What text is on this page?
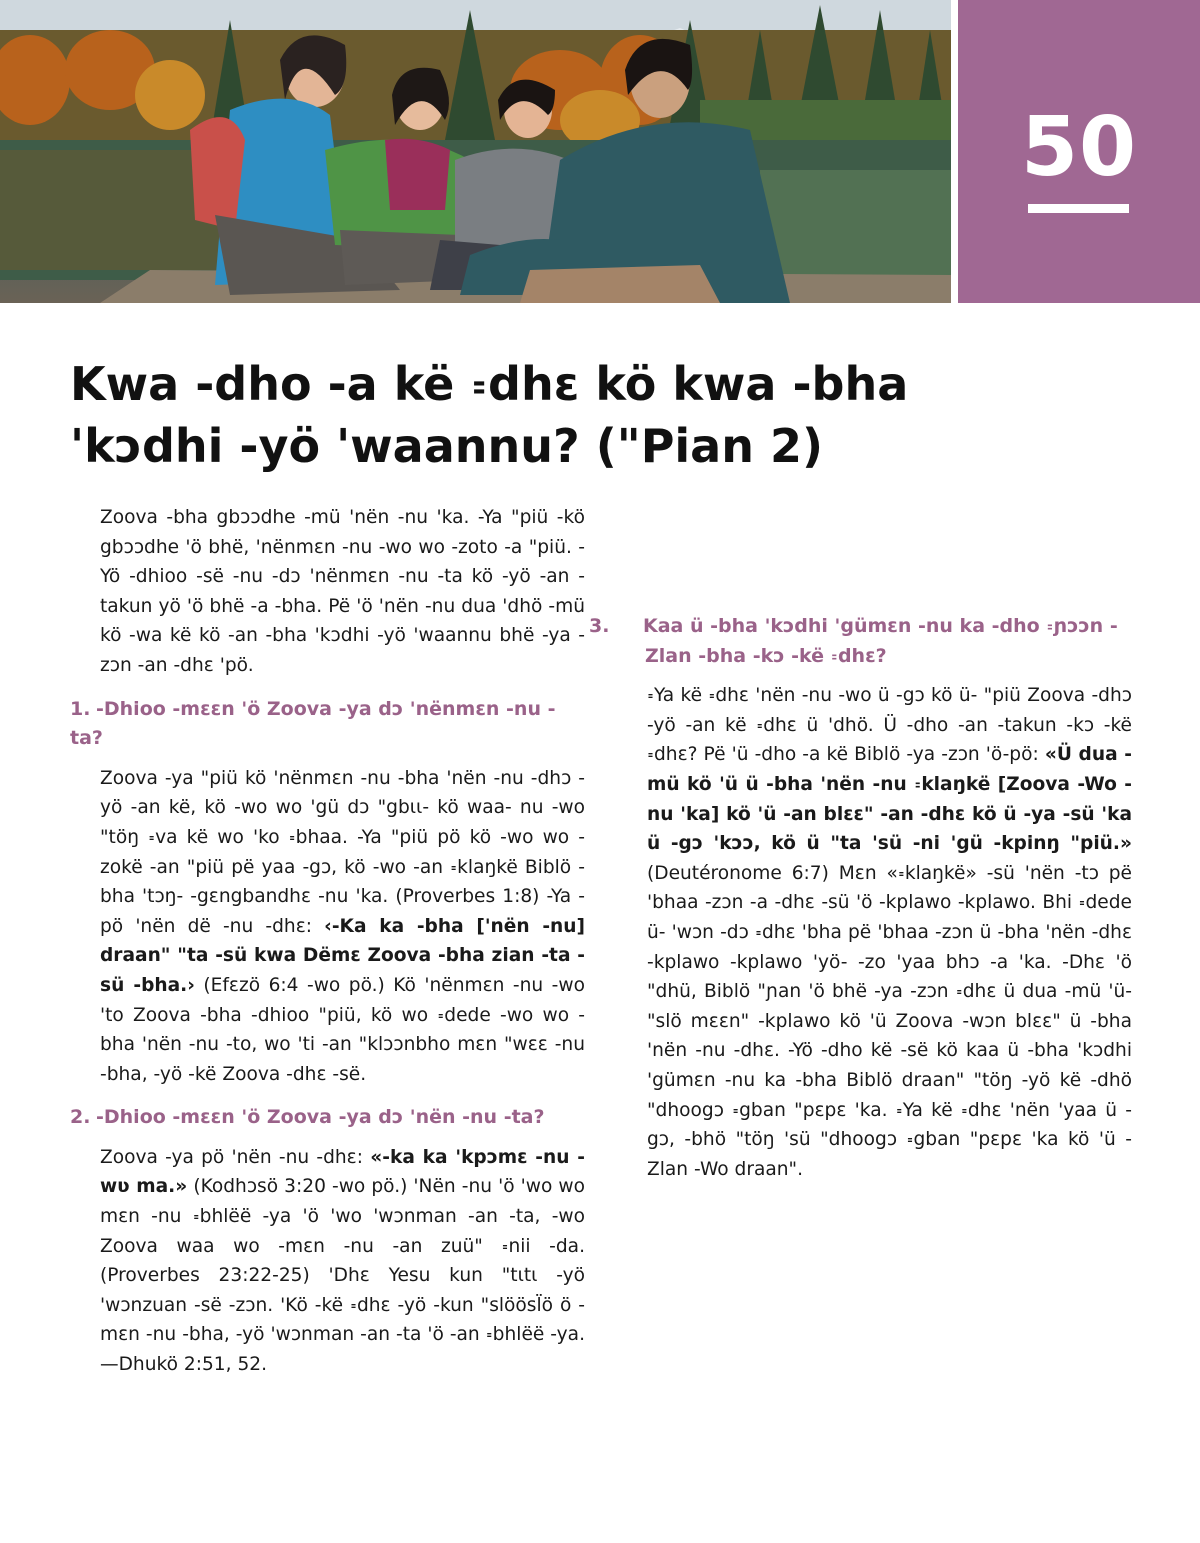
50
Kwa -dho -a kë ꞊dhɛ kö kwa -bha 'kɔdhi -yö 'waannu? ("Pian 2)

Zoova -bha gbɔɔdhe -mü 'nën -nu 'ka. -Ya "piü -kö gbɔɔdhe 'ö bhë, 'nënmɛn -nu -wo wo -zoto -a "piü. -Yö -dhioo -së -nu -dɔ 'nënmɛn -nu -ta kö -yö -an -takun yö 'ö bhë -a -bha. Pë 'ö 'nën -nu dua 'dhö -mü kö -wa kë kö -an -bha 'kɔdhi -yö 'waannu bhë -ya -zɔn -an -dhɛ 'pö.

1. -Dhioo -mɛɛn 'ö Zoova -ya dɔ 'nënmɛn -nu -ta?

Zoova -ya "piü kö 'nënmɛn -nu -bha 'nën -nu -dhɔ -yö -an kë, kö -wo wo 'gü dɔ "gbɩɩ- kö waa- nu -wo "töŋ ꞊va kë wo 'ko ꞊bhaa. -Ya "piü pö kö -wo wo -zokë -an "piü pë yaa -gɔ, kö -wo -an ꞊klaŋkë Biblö -bha 'tɔŋ- -gɛngbandhɛ -nu 'ka. (Proverbes 1:8) -Ya -pö 'nën dë -nu -dhɛ: ‹-Ka ka -bha ['nën -nu] draan" "ta -sü kwa Dëmɛ Zoova -bha zian -ta -sü -bha.› (Efɛzö 6:4 -wo pö.) Kö 'nënmɛn -nu -wo 'to Zoova -bha -dhioo "piü, kö wo ꞊dede -wo wo -bha 'nën -nu -to, wo 'ti -an "klɔɔnbho mɛn "wɛɛ -nu -bha, -yö -kë Zoova -dhɛ -së.

2. -Dhioo -mɛɛn 'ö Zoova -ya dɔ 'nën -nu -ta?

Zoova -ya pö 'nën -nu -dhɛ: «-ka ka 'kpɔmɛ -nu -wʋ ma.» (Kodhɔsö 3:20 -wo pö.) 'Nën -nu 'ö 'wo wo mɛn -nu ꞊bhlëë -ya 'ö 'wo 'wɔnman -an -ta, -wo Zoova waa wo -mɛn -nu -an zuü" ꞊nii -da. (Proverbes 23:22-25) 'Dhɛ Yesu kun "tɩtɩ -yö 'wɔnzuan -së -zɔn. 'Kö -kë ꞊dhɛ -yö -kun "slöösl̈ö ö -mɛn -nu -bha, -yö 'wɔnman -an -ta 'ö -an ꞊bhlëë -ya.—Dhukö 2:51, 52.

3. Kaa ü -bha 'kɔdhi 'gümɛn -nu ka -dho ꞊ɲɔɔn -Zlan -bha -kɔ -kë ꞊dhɛ?

꞊Ya kë ꞊dhɛ 'nën -nu -wo ü -gɔ kö ü- "piü Zoova -dhɔ -yö -an kë ꞊dhɛ ü 'dhö. Ü -dho -an -takun -kɔ -kë ꞊dhɛ? Pë 'ü -dho -a kë Biblö -ya -zɔn 'ö-pö: «Ü dua -mü kö 'ü ü -bha 'nën -nu ꞊klaŋkë [Zoova -Wo -nu 'ka] kö 'ü -an blɛɛ" -an -dhɛ kö ü -ya -sü 'ka ü -gɔ 'kɔɔ, kö ü "ta 'sü -ni 'gü -kpinŋ "piü.» (Deutéronome 6:7) Mɛn «꞊klaŋkë» -sü 'nën -tɔ pë 'bhaa -zɔn -a -dhɛ -sü 'ö -kplawo -kplawo. Bhi ꞊dede ü- 'wɔn -dɔ ꞊dhɛ 'bha pë 'bhaa -zɔn ü -bha 'nën -dhɛ -kplawo -kplawo 'yö- -zo 'yaa bhɔ -a 'ka. -Dhɛ 'ö "dhü, Biblö "ɲan 'ö bhë -ya -zɔn ꞊dhɛ ü dua -mü 'ü- "slö mɛɛn" -kplawo kö 'ü Zoova -wɔn blɛɛ" ü -bha 'nën -nu -dhɛ. -Yö -dho kë -së kö kaa ü -bha 'kɔdhi 'gümɛn -nu ka -bha Biblö draan" "töŋ -yö kë -dhö "dhoogɔ ꞊gban "pɛpɛ 'ka. ꞊Ya kë ꞊dhɛ 'nën 'yaa ü -gɔ, -bhö "töŋ 'sü "dhoogɔ ꞊gban "pɛpɛ 'ka kö 'ü -Zlan -Wo draan".
